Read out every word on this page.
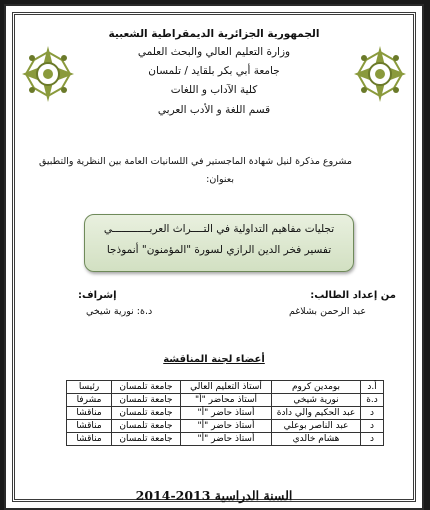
الجمهورية الجزائرية الديمقراطية الشعبية
وزارة التعليم العالي والبحث العلمي
جامعة أبي بكر بلقايد / تلمسان
كلية الآداب و اللغات
قسم اللغة و الأدب العربي
مشروع مذكرة لنيل شهادة الماجستير في اللسانيات العامة بين النظرية والتطبيق
بعنوان:
تجليات مفاهيم التداولية في التــــراث العربــــــــــــي
تفسير فخر الدين الرازي لسورة "المؤمنون" أنموذجا
من إعداد الطالب:
عبد الرحمن بشلاغم
إشراف:
د.ة: نورية شيخي
أعضاء لجنة المناقشة
أ.د	بومدين كروم	أستاذ التعليم العالي	جامعة تلمسان	رئيسا
د.ة	نورية شيخي	أستاذ محاضر "أ"	جامعة تلمسان	مشرفا
د	عبد الحكيم والي دادة	أستاذ حاضر "أ"	جامعة تلمسان	مناقشا
د	عبد الناصر بوعلي	أستاذ حاضر "أ"	جامعة تلمسان	مناقشا
د	هشام خالدي	أستاذ حاضر "أ"	جامعة تلمسان	مناقشا
السنة الدراسية 2013-2014
